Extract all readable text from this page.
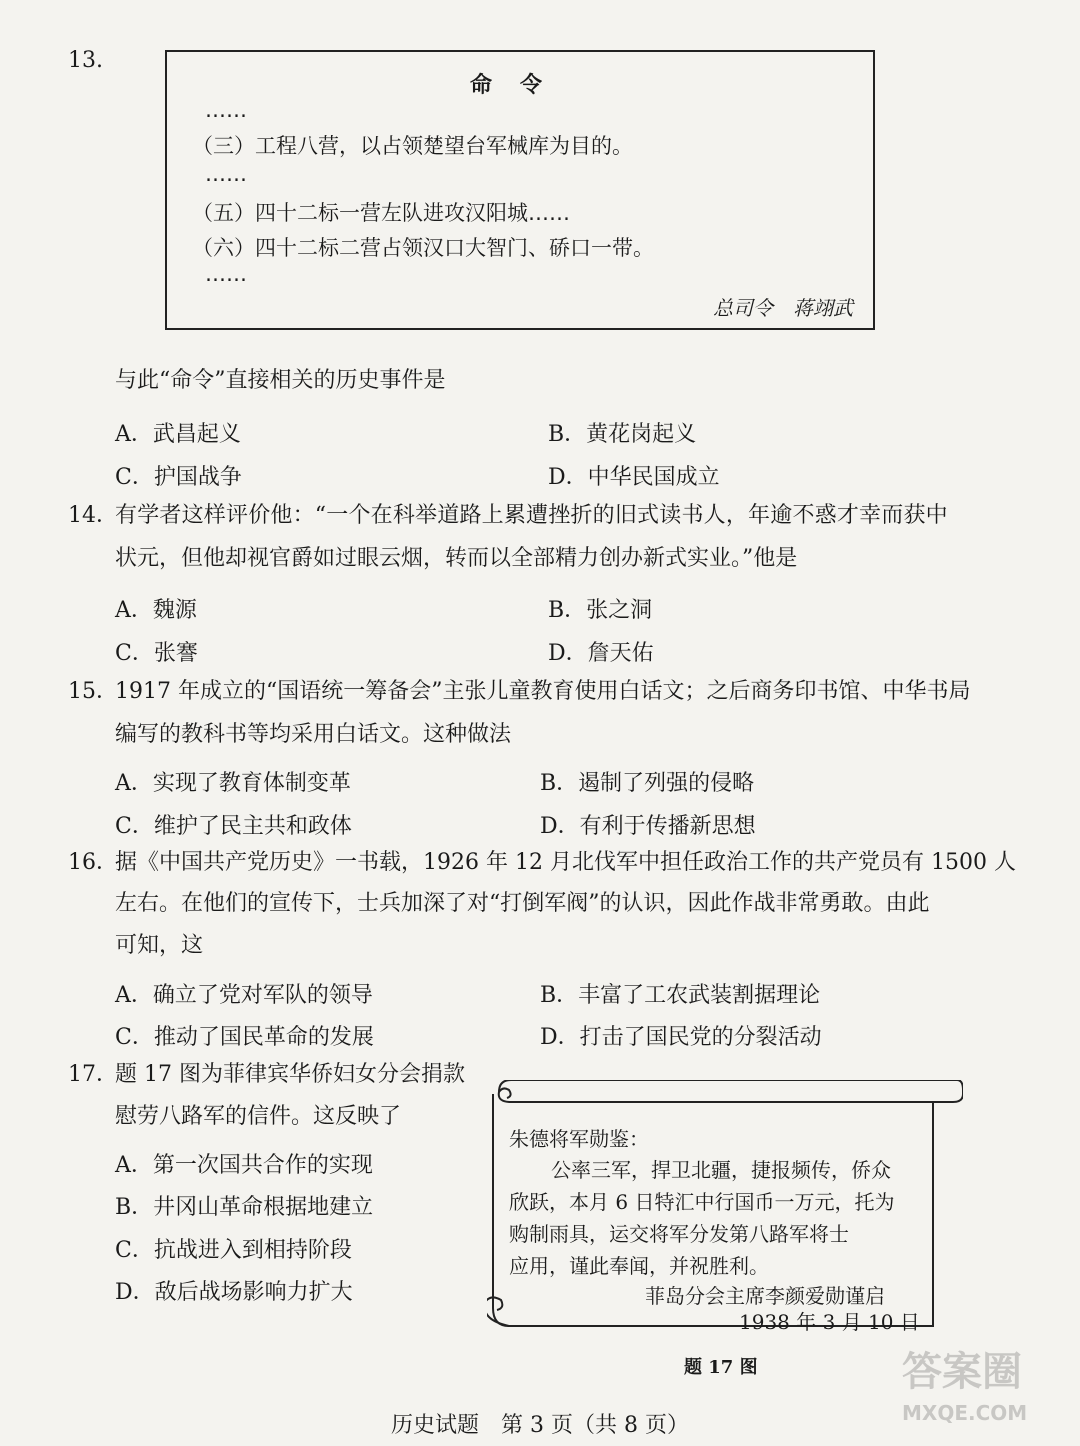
13.
命令
……
（三）工程八营，以占领楚望台军械库为目的。
……
（五）四十二标一营左队进攻汉阳城……
（六）四十二标二营占领汉口大智门、硚口一带。
……
总司令　蒋翊武
与此“命令”直接相关的历史事件是
A．武昌起义	B．黄花岗起义
C．护国战争	D．中华民国成立
14．
有学者这样评价他：“一个在科举道路上累遭挫折的旧式读书人，年逾不惑才幸而获中
状元，但他却视官爵如过眼云烟，转而以全部精力创办新式实业。”他是
A．魏源	B．张之洞
C．张謇	D．詹天佑
15．
1917 年成立的“国语统一筹备会”主张儿童教育使用白话文；之后商务印书馆、中华书局
编写的教科书等均采用白话文。这种做法
A．实现了教育体制变革	B．遏制了列强的侵略
C．维护了民主共和政体	D．有利于传播新思想
16．
据《中国共产党历史》一书载，1926 年 12 月北伐军中担任政治工作的共产党员有 1500 人
左右。在他们的宣传下，士兵加深了对“打倒军阀”的认识，因此作战非常勇敢。由此
可知，这
A．确立了党对军队的领导	B．丰富了工农武装割据理论
C．推动了国民革命的发展	D．打击了国民党的分裂活动
17．
题 17 图为菲律宾华侨妇女分会捐款
慰劳八路军的信件。这反映了
A．第一次国共合作的实现
B．井冈山革命根据地建立
C．抗战进入到相持阶段
D．敌后战场影响力扩大
朱德将军勋鉴：
公率三军，捍卫北疆，捷报频传，侨众
欣跃，本月 6 日特汇中行国币一万元，托为
购制雨具，运交将军分发第八路军将士
应用，谨此奉闻，并祝胜利。
菲岛分会主席李颜爱勋谨启
1938 年 3 月 10 日
题 17 图
历史试题　第 3 页（共 8 页）
答案圈
MXQE.COM
